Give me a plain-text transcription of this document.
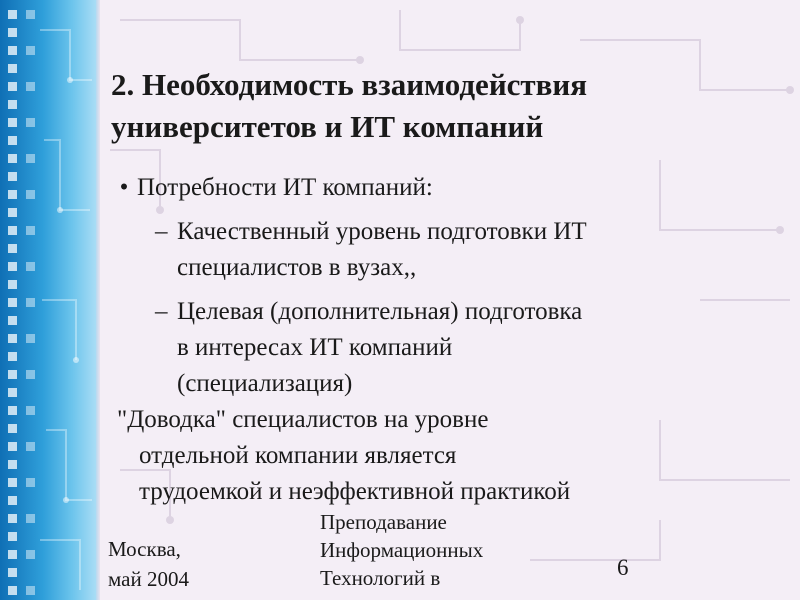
2. Необходимость взаимодействия
университетов и ИТ компаний
• Потребности ИТ компаний:
– Качественный уровень подготовки ИТ
специалистов в вузах,,
– Целевая (дополнительная) подготовка
в интересах ИТ компаний
(специализация)
"Доводка" специалистов на уровне
отдельной компании является
трудоемкой и неэффективной практикой
Москва,
май 2004
Преподавание
Информационных
Технологий в	6
